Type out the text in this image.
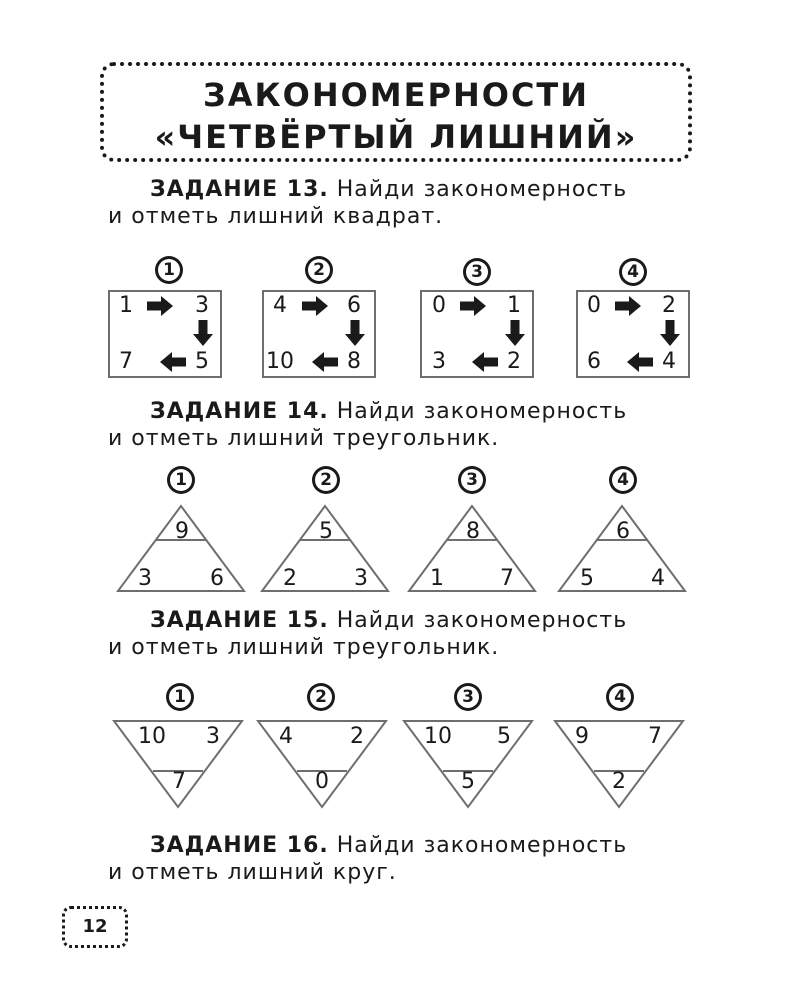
ЗАКОНОМЕРНОСТИ
«ЧЕТВЁРТЫЙ ЛИШНИЙ»
ЗАДАНИЕ 13. Найди закономерность
и отметь лишний квадрат.
ЗАДАНИЕ 14. Найди закономерность
и отметь лишний треугольник.
ЗАДАНИЕ 15. Найди закономерность
и отметь лишний треугольник.
ЗАДАНИЕ 16. Найди закономерность
и отметь лишний круг.
1
1	3
5
7
2
4	6
8
10
3
0	1
2
3
4
0	2
4
6
1	2	3	4
9
3	6
5
2	3
8
1	7
6
5	4
1	2	3	4
10 3
7
4	2
0
10 5
5
9	7
2
12
